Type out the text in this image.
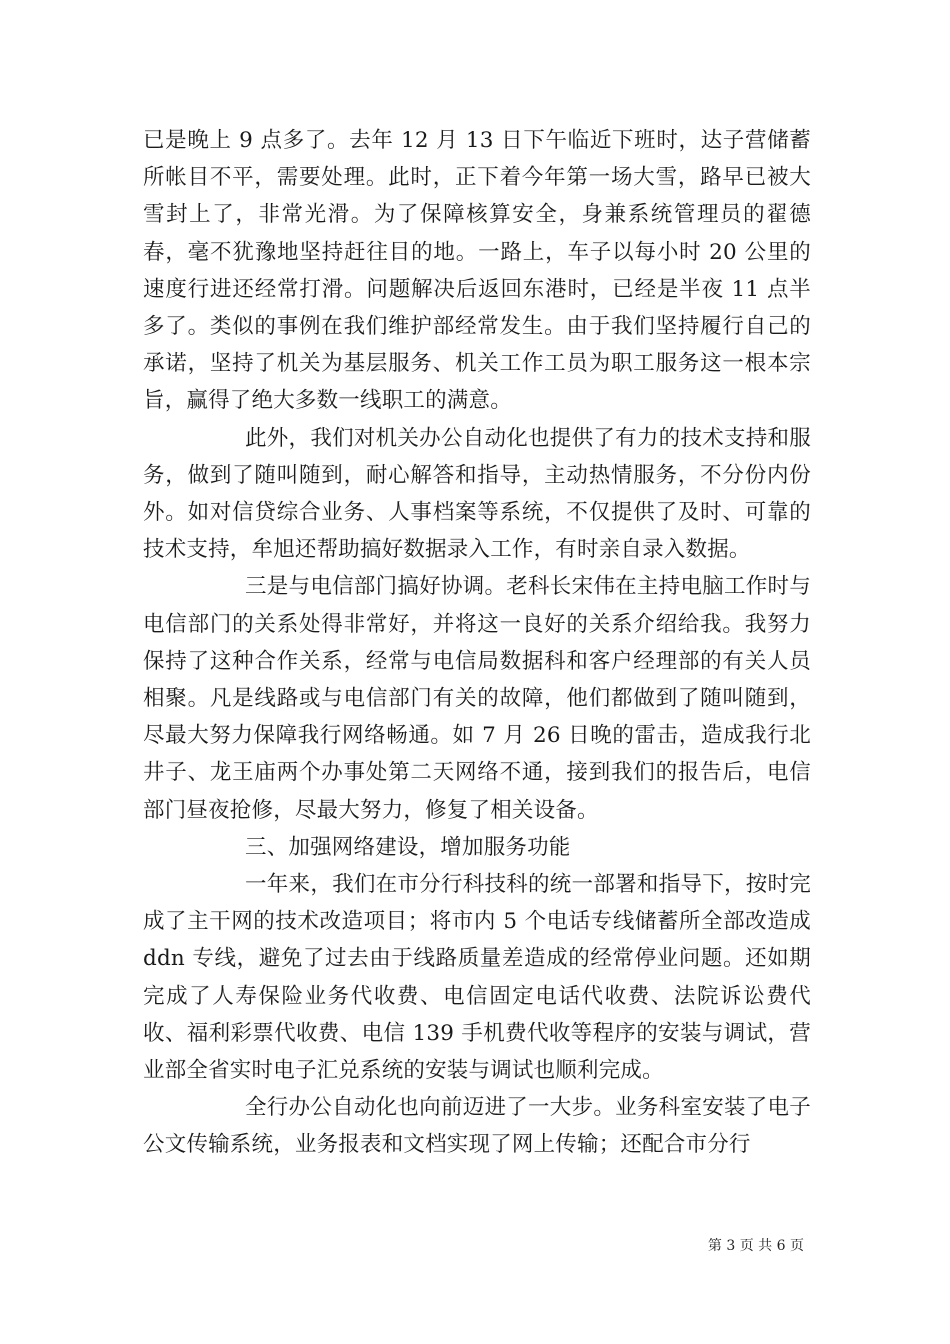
已是晚上 9 点多了。去年 12 月 13 日下午临近下班时，达子营储蓄所帐目不平，需要处理。此时，正下着今年第一场大雪，路早已被大雪封上了，非常光滑。为了保障核算安全，身兼系统管理员的翟德春，毫不犹豫地坚持赶往目的地。一路上，车子以每小时 20 公里的速度行进还经常打滑。问题解决后返回东港时，已经是半夜 11 点半多了。类似的事例在我们维护部经常发生。由于我们坚持履行自己的承诺，坚持了机关为基层服务、机关工作工员为职工服务这一根本宗旨，赢得了绝大多数一线职工的满意。

此外，我们对机关办公自动化也提供了有力的技术支持和服务，做到了随叫随到，耐心解答和指导，主动热情服务，不分份内份外。如对信贷综合业务、人事档案等系统，不仅提供了及时、可靠的技术支持，牟旭还帮助搞好数据录入工作，有时亲自录入数据。

三是与电信部门搞好协调。老科长宋伟在主持电脑工作时与电信部门的关系处得非常好，并将这一良好的关系介绍给我。我努力保持了这种合作关系，经常与电信局数据科和客户经理部的有关人员相聚。凡是线路或与电信部门有关的故障，他们都做到了随叫随到，尽最大努力保障我行网络畅通。如 7 月 26 日晚的雷击，造成我行北井子、龙王庙两个办事处第二天网络不通，接到我们的报告后，电信部门昼夜抢修，尽最大努力，修复了相关设备。

三、加强网络建设，增加服务功能

一年来，我们在市分行科技科的统一部署和指导下，按时完成了主干网的技术改造项目；将市内 5 个电话专线储蓄所全部改造成 ddn 专线，避免了过去由于线路质量差造成的经常停业问题。还如期完成了人寿保险业务代收费、电信固定电话代收费、法院诉讼费代收、福利彩票代收费、电信 139 手机费代收等程序的安装与调试，营业部全省实时电子汇兑系统的安装与调试也顺利完成。

全行办公自动化也向前迈进了一大步。业务科室安装了电子公文传输系统，业务报表和文档实现了网上传输；还配合市分行

第 3 页 共 6 页
